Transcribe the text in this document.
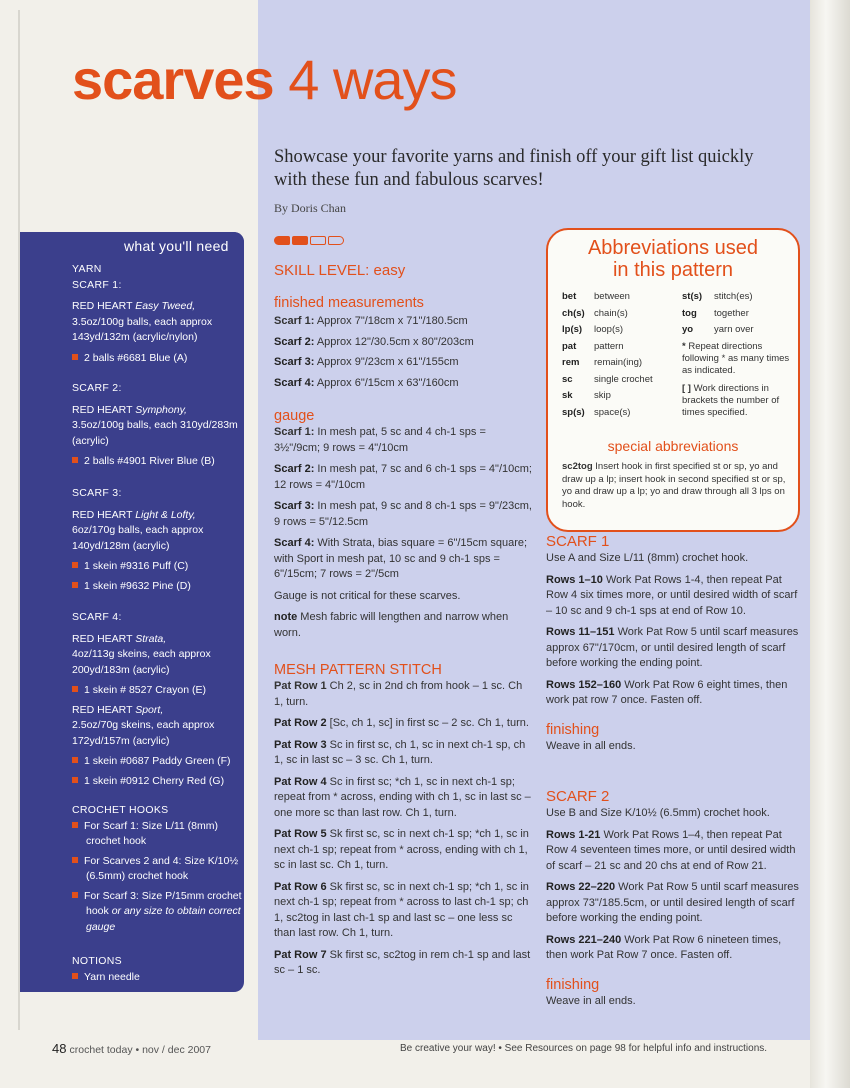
scarves 4 ways
Showcase your favorite yarns and finish off your gift list quickly with these fun and fabulous scarves!
By Doris Chan
what you'll need
YARN
SCARF 1:
RED HEART Easy Tweed,
3.5oz/100g balls, each approx 143yd/132m (acrylic/nylon)
2 balls #6681 Blue (A)
SCARF 2:
RED HEART Symphony,
3.5oz/100g balls, each 310yd/283m (acrylic)
2 balls #4901 River Blue (B)
SCARF 3:
RED HEART Light & Lofty,
6oz/170g balls, each approx 140yd/128m (acrylic)
1 skein #9316 Puff (C)
1 skein #9632 Pine (D)
SCARF 4:
RED HEART Strata,
4oz/113g skeins, each approx 200yd/183m (acrylic)
1 skein # 8527 Crayon (E)
RED HEART Sport,
2.5oz/70g skeins, each approx 172yd/157m (acrylic)
1 skein #0687 Paddy Green (F)
1 skein #0912 Cherry Red (G)
CROCHET HOOKS
For Scarf 1: Size L/11 (8mm) crochet hook
For Scarves 2 and 4: Size K/10½ (6.5mm) crochet hook
For Scarf 3: Size P/15mm crochet hook or any size to obtain correct gauge
NOTIONS
Yarn needle
SKILL LEVEL: easy
finished measurements
Scarf 1: Approx 7"/18cm x 71"/180.5cm
Scarf 2: Approx 12"/30.5cm x 80"/203cm
Scarf 3: Approx 9"/23cm x 61"/155cm
Scarf 4: Approx 6"/15cm x 63"/160cm
gauge
Scarf 1: In mesh pat, 5 sc and 4 ch-1 sps = 3½"/9cm; 9 rows = 4"/10cm
Scarf 2: In mesh pat, 7 sc and 6 ch-1 sps = 4"/10cm; 12 rows = 4"/10cm
Scarf 3: In mesh pat, 9 sc and 8 ch-1 sps = 9"/23cm, 9 rows = 5"/12.5cm
Scarf 4: With Strata, bias square = 6"/15cm square; with Sport in mesh pat, 10 sc and 9 ch-1 sps = 6"/15cm; 7 rows = 2"/5cm
Gauge is not critical for these scarves.
note Mesh fabric will lengthen and narrow when worn.
MESH PATTERN STITCH
Pat Row 1 Ch 2, sc in 2nd ch from hook – 1 sc. Ch 1, turn.
Pat Row 2 [Sc, ch 1, sc] in first sc – 2 sc. Ch 1, turn.
Pat Row 3 Sc in first sc, ch 1, sc in next ch-1 sp, ch 1, sc in last sc – 3 sc. Ch 1, turn.
Pat Row 4 Sc in first sc; *ch 1, sc in next ch-1 sp; repeat from * across, ending with ch 1, sc in last sc – one more sc than last row. Ch 1, turn.
Pat Row 5 Sk first sc, sc in next ch-1 sp; *ch 1, sc in next ch-1 sp; repeat from * across, ending with ch 1, sc in last sc. Ch 1, turn.
Pat Row 6 Sk first sc, sc in next ch-1 sp; *ch 1, sc in next ch-1 sp; repeat from * across to last ch-1 sp; ch 1, sc2tog in last ch-1 sp and last sc – one less sc than last row. Ch 1, turn.
Pat Row 7 Sk first sc, sc2tog in rem ch-1 sp and last sc – 1 sc.
Abbreviations used
in this pattern
bet between
ch(s) chain(s)
lp(s) loop(s)
pat pattern
rem remain(ing)
sc single crochet
sk skip
sp(s) space(s)
st(s) stitch(es)
tog together
yo yarn over
* Repeat directions following * as many times as indicated.
[ ] Work directions in brackets the number of times specified.
special abbreviations
sc2tog Insert hook in first specified st or sp, yo and draw up a lp; insert hook in second specified st or sp, yo and draw up a lp; yo and draw through all 3 lps on hook.
SCARF 1
Use A and Size L/11 (8mm) crochet hook.
Rows 1–10 Work Pat Rows 1-4, then repeat Pat Row 4 six times more, or until desired width of scarf – 10 sc and 9 ch-1 sps at end of Row 10.
Rows 11–151 Work Pat Row 5 until scarf measures approx 67"/170cm, or until desired length of scarf before working the ending point.
Rows 152–160 Work Pat Row 6 eight times, then work pat row 7 once. Fasten off.
finishing
Weave in all ends.
SCARF 2
Use B and Size K/10½ (6.5mm) crochet hook.
Rows 1-21 Work Pat Rows 1–4, then repeat Pat Row 4 seventeen times more, or until desired width of scarf – 21 sc and 20 chs at end of Row 21.
Rows 22–220 Work Pat Row 5 until scarf measures approx 73"/185.5cm, or until desired length of scarf before working the ending point.
Rows 221–240 Work Pat Row 6 nineteen times, then work Pat Row 7 once. Fasten off.
finishing
Weave in all ends.
48 crochet today • nov / dec 2007	Be creative your way! • See Resources on page 98 for helpful info and instructions.
